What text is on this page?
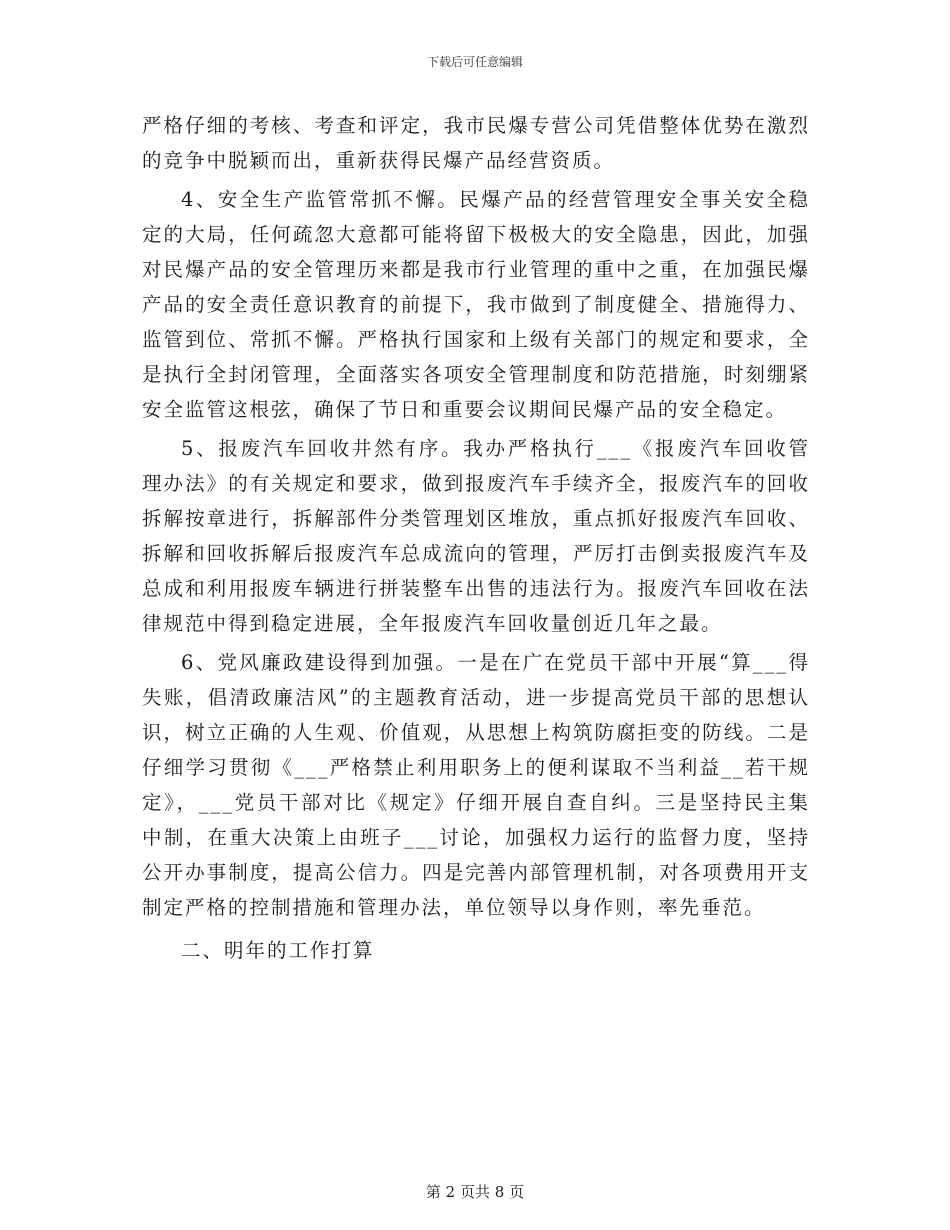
下载后可任意编辑

严格仔细的考核、考查和评定，我市民爆专营公司凭借整体优势在激烈的竞争中脱颖而出，重新获得民爆产品经营资质。

4、安全生产监管常抓不懈。民爆产品的经营管理安全事关安全稳定的大局，任何疏忽大意都可能将留下极极大的安全隐患，因此，加强对民爆产品的安全管理历来都是我市行业管理的重中之重，在加强民爆产品的安全责任意识教育的前提下，我市做到了制度健全、措施得力、监管到位、常抓不懈。严格执行国家和上级有关部门的规定和要求，全是执行全封闭管理，全面落实各项安全管理制度和防范措施，时刻绷紧安全监管这根弦，确保了节日和重要会议期间民爆产品的安全稳定。

5、报废汽车回收井然有序。我办严格执行___《报废汽车回收管理办法》的有关规定和要求，做到报废汽车手续齐全，报废汽车的回收拆解按章进行，拆解部件分类管理划区堆放，重点抓好报废汽车回收、拆解和回收拆解后报废汽车总成流向的管理，严厉打击倒卖报废汽车及总成和利用报废车辆进行拼装整车出售的违法行为。报废汽车回收在法律规范中得到稳定进展，全年报废汽车回收量创近几年之最。

6、党风廉政建设得到加强。一是在广在党员干部中开展“算___得失账，倡清政廉洁风”的主题教育活动，进一步提高党员干部的思想认识，树立正确的人生观、价值观，从思想上构筑防腐拒变的防线。二是仔细学习贯彻《___严格禁止利用职务上的便利谋取不当利益__若干规定》，___党员干部对比《规定》仔细开展自查自纠。三是坚持民主集中制，在重大决策上由班子___讨论，加强权力运行的监督力度，坚持公开办事制度，提高公信力。四是完善内部管理机制，对各项费用开支制定严格的控制措施和管理办法，单位领导以身作则，率先垂范。

二、明年的工作打算

第 2 页共 8 页
